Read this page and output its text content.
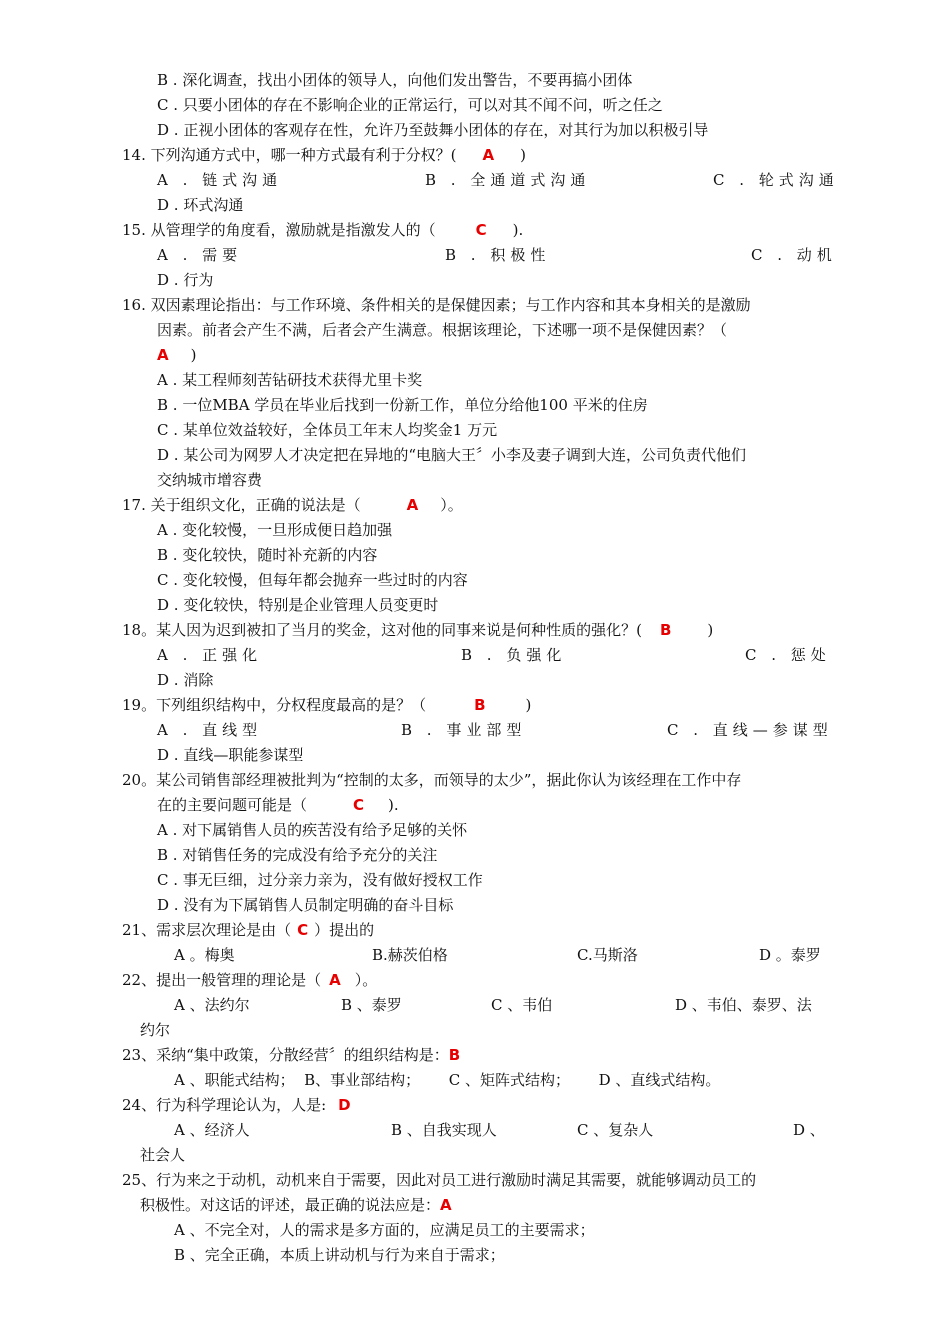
B . 深化调查，找出小团体的领导人，向他们发出警告，不要再搞小团体
C . 只要小团体的存在不影响企业的正常运行，可以对其不闻不问，听之任之
D . 正视小团体的客观存在性，允许乃至鼓舞小团体的存在，对其行为加以积极引导
14. 下列沟通方式中，哪一种方式最有利于分权？( A )
A . 链式沟通	B . 全通道式沟通	C . 轮式沟通
D . 环式沟通
15. 从管理学的角度看，激励就是指激发人的（	C ).
A . 需要	B . 积极性	C . 动机
D . 行为
16. 双因素理论指出：与工作环境、条件相关的是保健因素；与工作内容和其本身相关的是激励
因素。前者会产生不满，后者会产生满意。根据该理论，下述哪一项不是保健因素？（
A )
A . 某工程师刻苦钻研技术获得尤里卡奖
B . 一位MBA 学员在毕业后找到一份新工作，单位分给他100 平米的住房
C . 某单位效益较好，全体员工年末人均奖金1 万元
D . 某公司为网罗人才决定把在异地的“电脑大王〞小李及妻子调到大连，公司负责代他们
交纳城市增容费
17. 关于组织文化，正确的说法是（	A ）。
A . 变化较慢，一旦形成便日趋加强
B . 变化较快，随时补充新的内容
C . 变化较慢，但每年都会抛弃一些过时的内容
D . 变化较快，特别是企业管理人员变更时
18。某人因为迟到被扣了当月的奖金，这对他的同事来说是何种性质的强化？( B )
A . 正强化	B . 负强化	C . 惩处
D . 消除
19。下列组织结构中，分权程度最高的是？（	B	)
A . 直线型	B . 事业部型	C . 直线—参谋型
D . 直线—职能参谋型
20。某公司销售部经理被批判为“控制的太多，而领导的太少”，据此你认为该经理在工作中存
在的主要问题可能是（	C ).
A . 对下属销售人员的疾苦没有给予足够的关怀
B . 对销售任务的完成没有给予充分的关注
C . 事无巨细，过分亲力亲为，没有做好授权工作
D . 没有为下属销售人员制定明确的奋斗目标
21、需求层次理论是由（ C ）提出的
A 。梅奥	B.赫茨伯格	C.马斯洛	D 。泰罗
22、提出一般管理的理论是（ A ）。
A 、法约尔	B 、泰罗	C 、韦伯	D 、韦伯、泰罗、法
约尔
23、采纳“集中政策，分散经营〞的组织结构是：B
A 、职能式结构；  B、事业部结构；      C 、矩阵式结构；      D 、直线式结构。
24、行为科学理论认为，人是: D
A 、经济人	B 、自我实现人	C 、复杂人	D 、
社会人
25、行为来之于动机，动机来自于需要，因此对员工进行激励时满足其需要，就能够调动员工的
积极性。对这话的评述，最正确的说法应是：A
A 、不完全对，人的需求是多方面的，应满足员工的主要需求；
B 、完全正确，本质上讲动机与行为来自于需求；
